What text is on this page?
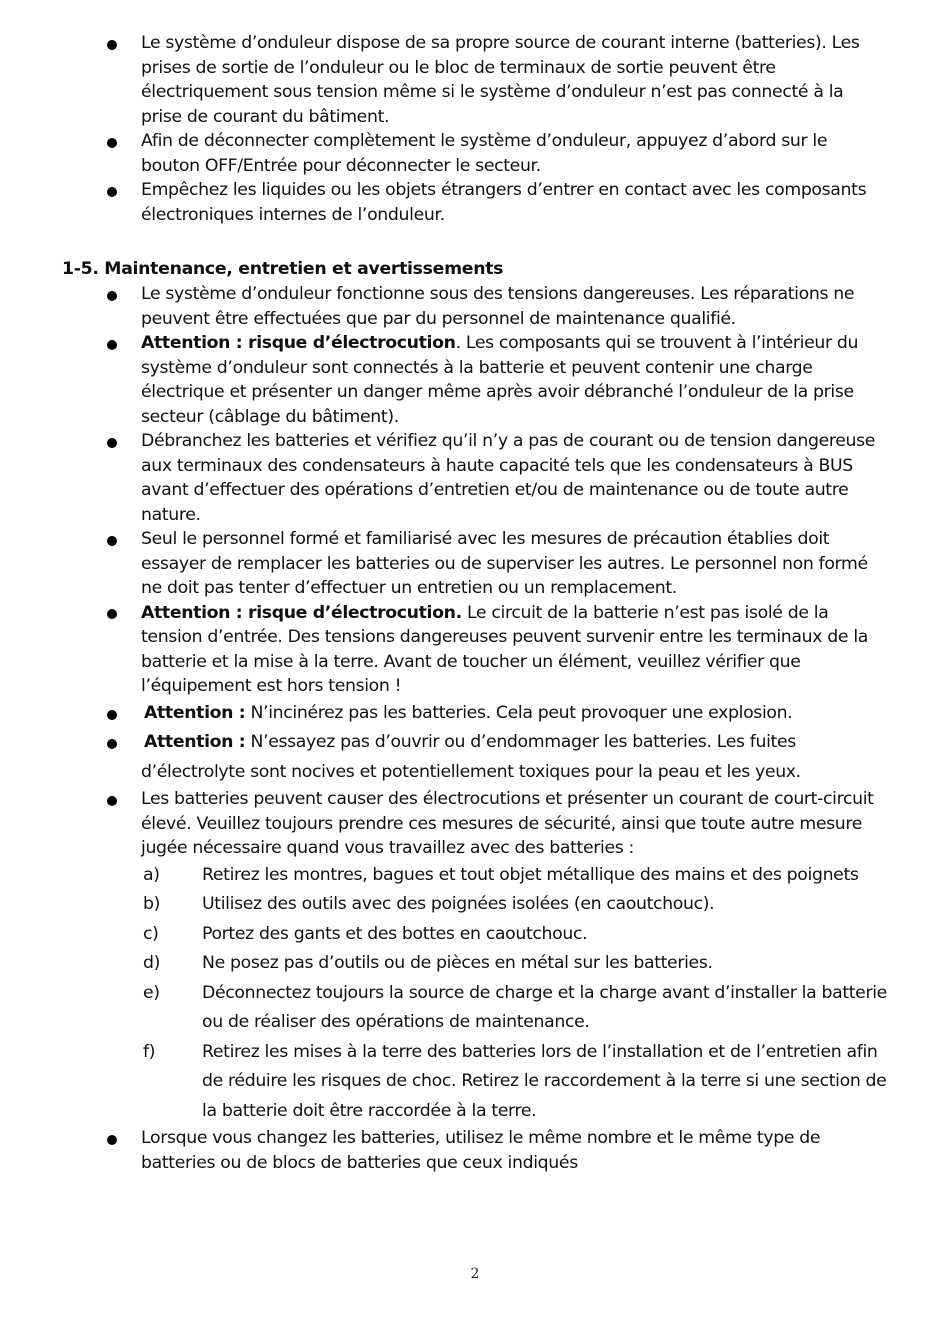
Le système d’onduleur dispose de sa propre source de courant interne (batteries). Les prises de sortie de l’onduleur ou le bloc de terminaux de sortie peuvent être électriquement sous tension même si le système d’onduleur n’est pas connecté à la prise de courant du bâtiment.
Afin de déconnecter complètement le système d’onduleur, appuyez d’abord sur le bouton OFF/Entrée pour déconnecter le secteur.
Empêchez les liquides ou les objets étrangers d’entrer en contact avec les composants électroniques internes de l’onduleur.
1-5. Maintenance, entretien et avertissements
Le système d’onduleur fonctionne sous des tensions dangereuses. Les réparations ne peuvent être effectuées que par du personnel de maintenance qualifié.
Attention : risque d’électrocution. Les composants qui se trouvent à l’intérieur du système d’onduleur sont connectés à la batterie et peuvent contenir une charge électrique et présenter un danger même après avoir débranché l’onduleur de la prise secteur (câblage du bâtiment).
Débranchez les batteries et vérifiez qu’il n’y a pas de courant ou de tension dangereuse aux terminaux des condensateurs à haute capacité tels que les condensateurs à BUS avant d’effectuer des opérations d’entretien et/ou de maintenance ou de toute autre nature.
Seul le personnel formé et familiarisé avec les mesures de précaution établies doit essayer de remplacer les batteries ou de superviser les autres. Le personnel non formé ne doit pas tenter d’effectuer un entretien ou un remplacement.
Attention : risque d’électrocution. Le circuit de la batterie n’est pas isolé de la tension d’entrée. Des tensions dangereuses peuvent survenir entre les terminaux de la batterie et la mise à la terre. Avant de toucher un élément, veuillez vérifier que l’équipement est hors tension !
Attention : N’incinérez pas les batteries. Cela peut provoquer une explosion.
Attention : N’essayez pas d’ouvrir ou d’endommager les batteries. Les fuites d’électrolyte sont nocives et potentiellement toxiques pour la peau et les yeux.
Les batteries peuvent causer des électrocutions et présenter un courant de court-circuit élevé. Veuillez toujours prendre ces mesures de sécurité, ainsi que toute autre mesure jugée nécessaire quand vous travaillez avec des batteries :
a) Retirez les montres, bagues et tout objet métallique des mains et des poignets
b) Utilisez des outils avec des poignées isolées (en caoutchouc).
c)	Portez des gants et des bottes en caoutchouc.
d) Ne posez pas d’outils ou de pièces en métal sur les batteries.
e) Déconnectez toujours la source de charge et la charge avant d’installer la batterie ou de réaliser des opérations de maintenance.
f)	Retirez les mises à la terre des batteries lors de l’installation et de l’entretien afin de réduire les risques de choc. Retirez le raccordement à la terre si une section de la batterie doit être raccordée à la terre.
Lorsque vous changez les batteries, utilisez le même nombre et le même type de batteries ou de blocs de batteries que ceux indiqués
2
